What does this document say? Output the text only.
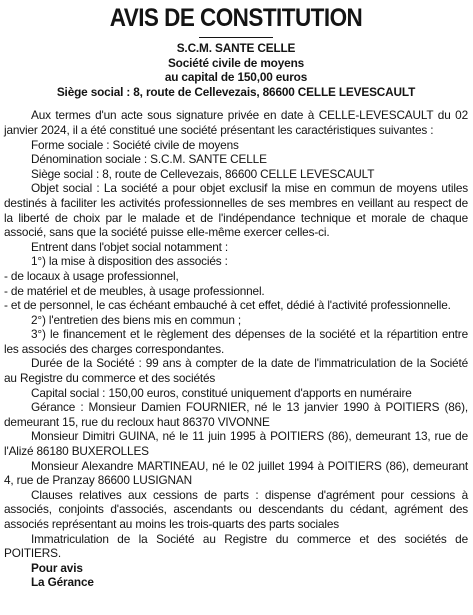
AVIS DE CONSTITUTION
S.C.M. SANTE CELLE
Société civile de moyens
au capital de 150,00 euros
Siège social : 8, route de Cellevezais, 86600 CELLE LEVESCAULT

Aux termes d'un acte sous signature privée en date à CELLE-LEVESCAULT du 02 janvier 2024, il a été constitué une société présentant les caractéristiques suivantes :

Forme sociale : Société civile de moyens

Dénomination sociale : S.C.M. SANTE CELLE

Siège social : 8, route de Cellevezais, 86600 CELLE LEVESCAULT

Objet social : La société a pour objet exclusif la mise en commun de moyens utiles destinés à faciliter les activités professionnelles de ses membres en veillant au respect de la liberté de choix par le malade et de l'indépendance technique et morale de chaque associé, sans que la société puisse elle-même exercer celles-ci.

Entrent dans l'objet social notamment :

1°) la mise à disposition des associés :

- de locaux à usage professionnel,

- de matériel et de meubles, à usage professionnel.

- et de personnel, le cas échéant embauché à cet effet, dédié à l'activité professionnelle.

2°) l'entretien des biens mis en commun ;

3°) le financement et le règlement des dépenses de la société et la répartition entre les associés des charges correspondantes.

Durée de la Société : 99 ans à compter de la date de l'immatriculation de la Société au Registre du commerce et des sociétés

Capital social : 150,00 euros, constitué uniquement d'apports en numéraire

Gérance : Monsieur Damien FOURNIER, né le 13 janvier 1990 à POITIERS (86), demeurant 15, rue du recloux haut 86370 VIVONNE

Monsieur Dimitri GUINA, né le 11 juin 1995 à POITIERS (86), demeurant 13, rue de l'Alizé 86180 BUXEROLLES

Monsieur Alexandre MARTINEAU, né le 02 juillet 1994 à POITIERS (86), demeurant 4, rue de Pranzay 86600 LUSIGNAN

Clauses relatives aux cessions de parts : dispense d'agrément pour cessions à associés, conjoints d'associés, ascendants ou descendants du cédant, agrément des associés représentant au moins les trois-quarts des parts sociales

Immatriculation de la Société au Registre du commerce et des sociétés de POITIERS.

Pour avis
La Gérance
